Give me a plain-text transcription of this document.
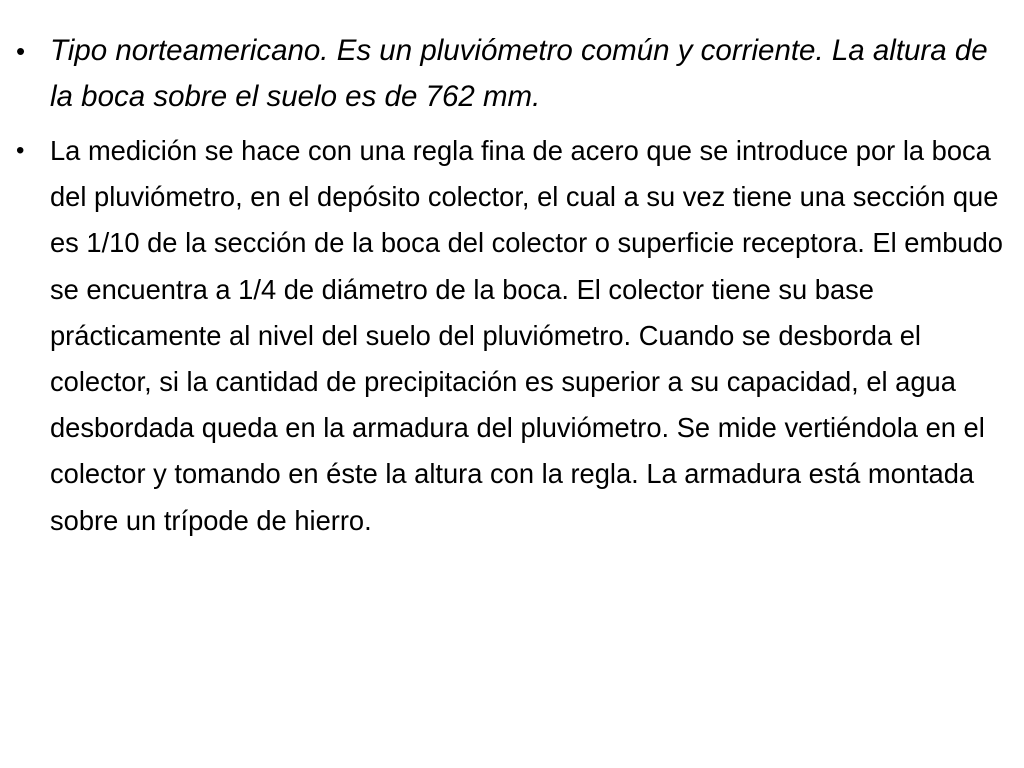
• Tipo norteamericano. Es un pluviómetro común y corriente. La altura de la boca sobre el suelo es de 762 mm.
• La medición se hace con una regla fina de acero que se introduce por la boca del pluviómetro, en el depósito colector, el cual a su vez tiene una sección que es 1/10 de la sección de la boca del colector o superficie receptora. El embudo se encuentra a 1/4 de diámetro de la boca. El colector tiene su base prácticamente al nivel del suelo del pluviómetro. Cuando se desborda el colector, si la cantidad de precipitación es superior a su capacidad, el agua desbordada queda en la armadura del pluviómetro. Se mide vertiéndola en el colector y tomando en éste la altura con la regla. La armadura está montada sobre un trípode de hierro.
